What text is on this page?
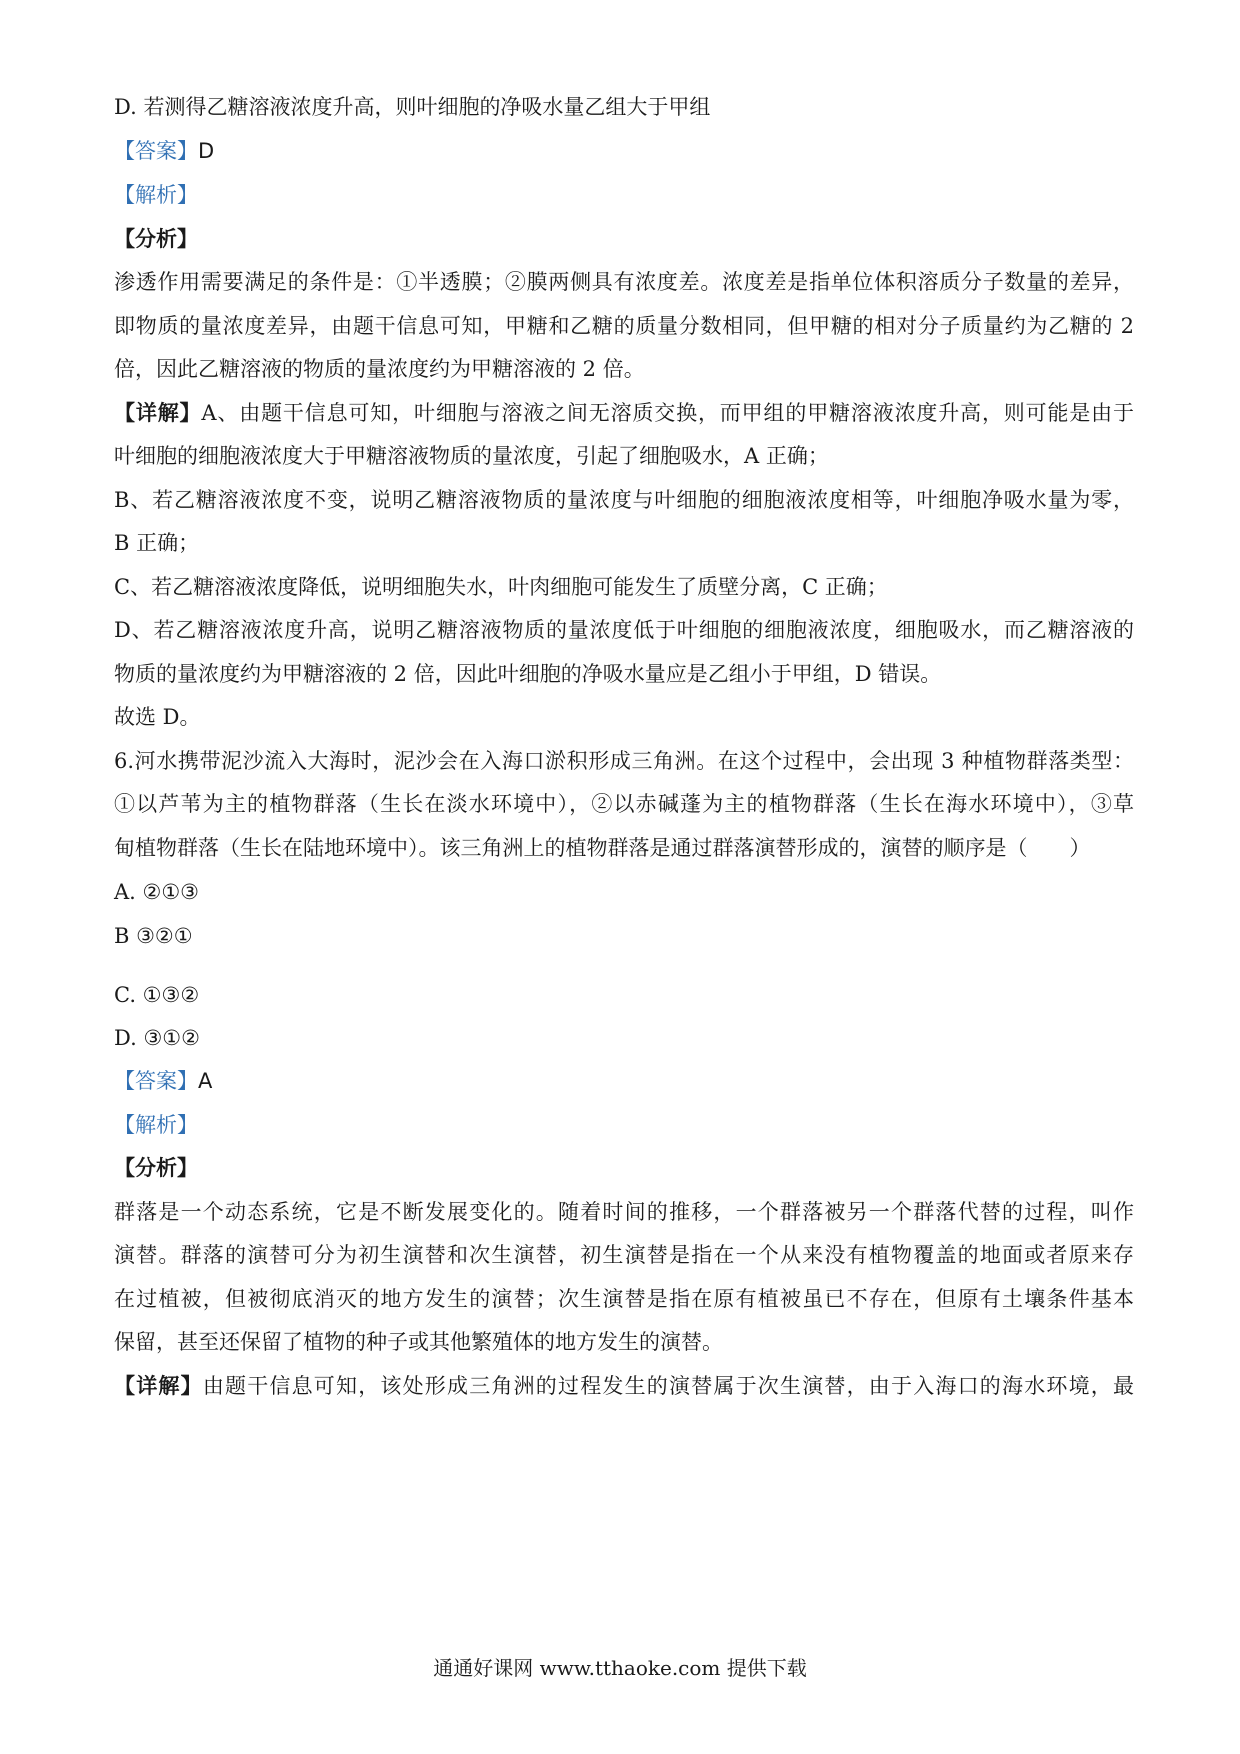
D. 若测得乙糖溶液浓度升高，则叶细胞的净吸水量乙组大于甲组
【答案】D
【解析】
【分析】
渗透作用需要满足的条件是：①半透膜；②膜两侧具有浓度差。浓度差是指单位体积溶质分子数量的差异，
即物质的量浓度差异，由题干信息可知，甲糖和乙糖的质量分数相同，但甲糖的相对分子质量约为乙糖的 2
倍，因此乙糖溶液的物质的量浓度约为甲糖溶液的 2 倍。
【详解】A、由题干信息可知，叶细胞与溶液之间无溶质交换，而甲组的甲糖溶液浓度升高，则可能是由于
叶细胞的细胞液浓度大于甲糖溶液物质的量浓度，引起了细胞吸水，A 正确；
B、若乙糖溶液浓度不变，说明乙糖溶液物质的量浓度与叶细胞的细胞液浓度相等，叶细胞净吸水量为零，
B 正确；
C、若乙糖溶液浓度降低，说明细胞失水，叶肉细胞可能发生了质壁分离，C 正确；
D、若乙糖溶液浓度升高，说明乙糖溶液物质的量浓度低于叶细胞的细胞液浓度，细胞吸水，而乙糖溶液的
物质的量浓度约为甲糖溶液的 2 倍，因此叶细胞的净吸水量应是乙组小于甲组，D 错误。
故选 D。
6.河水携带泥沙流入大海时，泥沙会在入海口淤积形成三角洲。在这个过程中，会出现 3 种植物群落类型：
①以芦苇为主的植物群落（生长在淡水环境中），②以赤碱蓬为主的植物群落（生长在海水环境中），③草
甸植物群落（生长在陆地环境中）。该三角洲上的植物群落是通过群落演替形成的，演替的顺序是（　　）
A. ②①③
B ③②①
C. ①③②
D. ③①②
【答案】A
【解析】
【分析】
群落是一个动态系统，它是不断发展变化的。随着时间的推移，一个群落被另一个群落代替的过程，叫作
演替。群落的演替可分为初生演替和次生演替，初生演替是指在一个从来没有植物覆盖的地面或者原来存
在过植被，但被彻底消灭的地方发生的演替；次生演替是指在原有植被虽已不存在，但原有土壤条件基本
保留，甚至还保留了植物的种子或其他繁殖体的地方发生的演替。
【详解】由题干信息可知，该处形成三角洲的过程发生的演替属于次生演替，由于入海口的海水环境，最
通通好课网 www.tthaoke.com 提供下载
